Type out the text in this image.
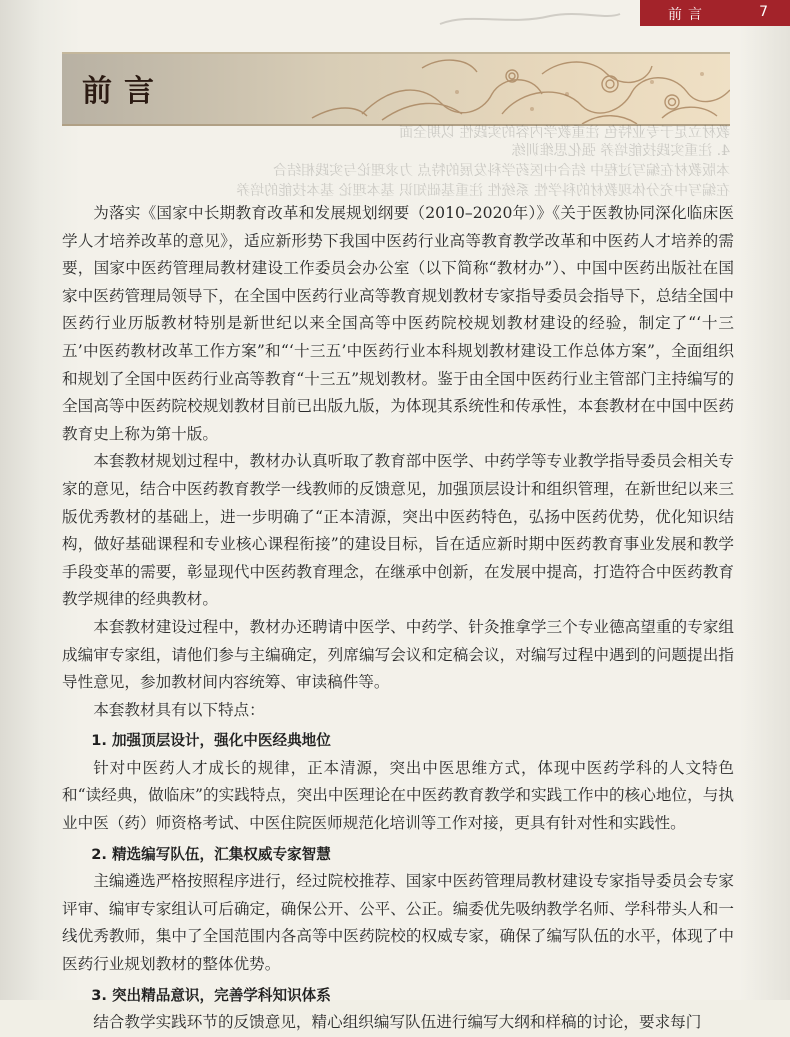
前言	7
前言
教材立足于专业特色 注重教学内容的实践性 以期全面
4. 注重实践技能培养 强化思维训练
本版教材在编写过程中 结合中医药学科发展的特点 力求理论与实践相结合
在编写中充分体现教材的科学性 系统性 注重基础知识 基本理论 基本技能的培养

为落实《国家中长期教育改革和发展规划纲要（2010–2020年）》《关于医教协同深化临床医学人才培养改革的意见》，适应新形势下我国中医药行业高等教育教学改革和中医药人才培养的需要，国家中医药管理局教材建设工作委员会办公室（以下简称“教材办”）、中国中医药出版社在国家中医药管理局领导下，在全国中医药行业高等教育规划教材专家指导委员会指导下，总结全国中医药行业历版教材特别是新世纪以来全国高等中医药院校规划教材建设的经验，制定了“‘十三五’中医药教材改革工作方案”和“‘十三五’中医药行业本科规划教材建设工作总体方案”，全面组织和规划了全国中医药行业高等教育“十三五”规划教材。鉴于由全国中医药行业主管部门主持编写的全国高等中医药院校规划教材目前已出版九版，为体现其系统性和传承性，本套教材在中国中医药教育史上称为第十版。

本套教材规划过程中，教材办认真听取了教育部中医学、中药学等专业教学指导委员会相关专家的意见，结合中医药教育教学一线教师的反馈意见，加强顶层设计和组织管理，在新世纪以来三版优秀教材的基础上，进一步明确了“正本清源，突出中医药特色，弘扬中医药优势，优化知识结构，做好基础课程和专业核心课程衔接”的建设目标，旨在适应新时期中医药教育事业发展和教学手段变革的需要，彰显现代中医药教育理念，在继承中创新，在发展中提高，打造符合中医药教育教学规律的经典教材。

本套教材建设过程中，教材办还聘请中医学、中药学、针灸推拿学三个专业德高望重的专家组成编审专家组，请他们参与主编确定，列席编写会议和定稿会议，对编写过程中遇到的问题提出指导性意见，参加教材间内容统筹、审读稿件等。

本套教材具有以下特点：

1. 加强顶层设计，强化中医经典地位

针对中医药人才成长的规律，正本清源，突出中医思维方式，体现中医药学科的人文特色和“读经典，做临床”的实践特点，突出中医理论在中医药教育教学和实践工作中的核心地位，与执业中医（药）师资格考试、中医住院医师规范化培训等工作对接，更具有针对性和实践性。

2. 精选编写队伍，汇集权威专家智慧

主编遴选严格按照程序进行，经过院校推荐、国家中医药管理局教材建设专家指导委员会专家评审、编审专家组认可后确定，确保公开、公平、公正。编委优先吸纳教学名师、学科带头人和一线优秀教师，集中了全国范围内各高等中医药院校的权威专家，确保了编写队伍的水平，体现了中医药行业规划教材的整体优势。

3. 突出精品意识，完善学科知识体系

结合教学实践环节的反馈意见，精心组织编写队伍进行编写大纲和样稿的讨论，要求每门
